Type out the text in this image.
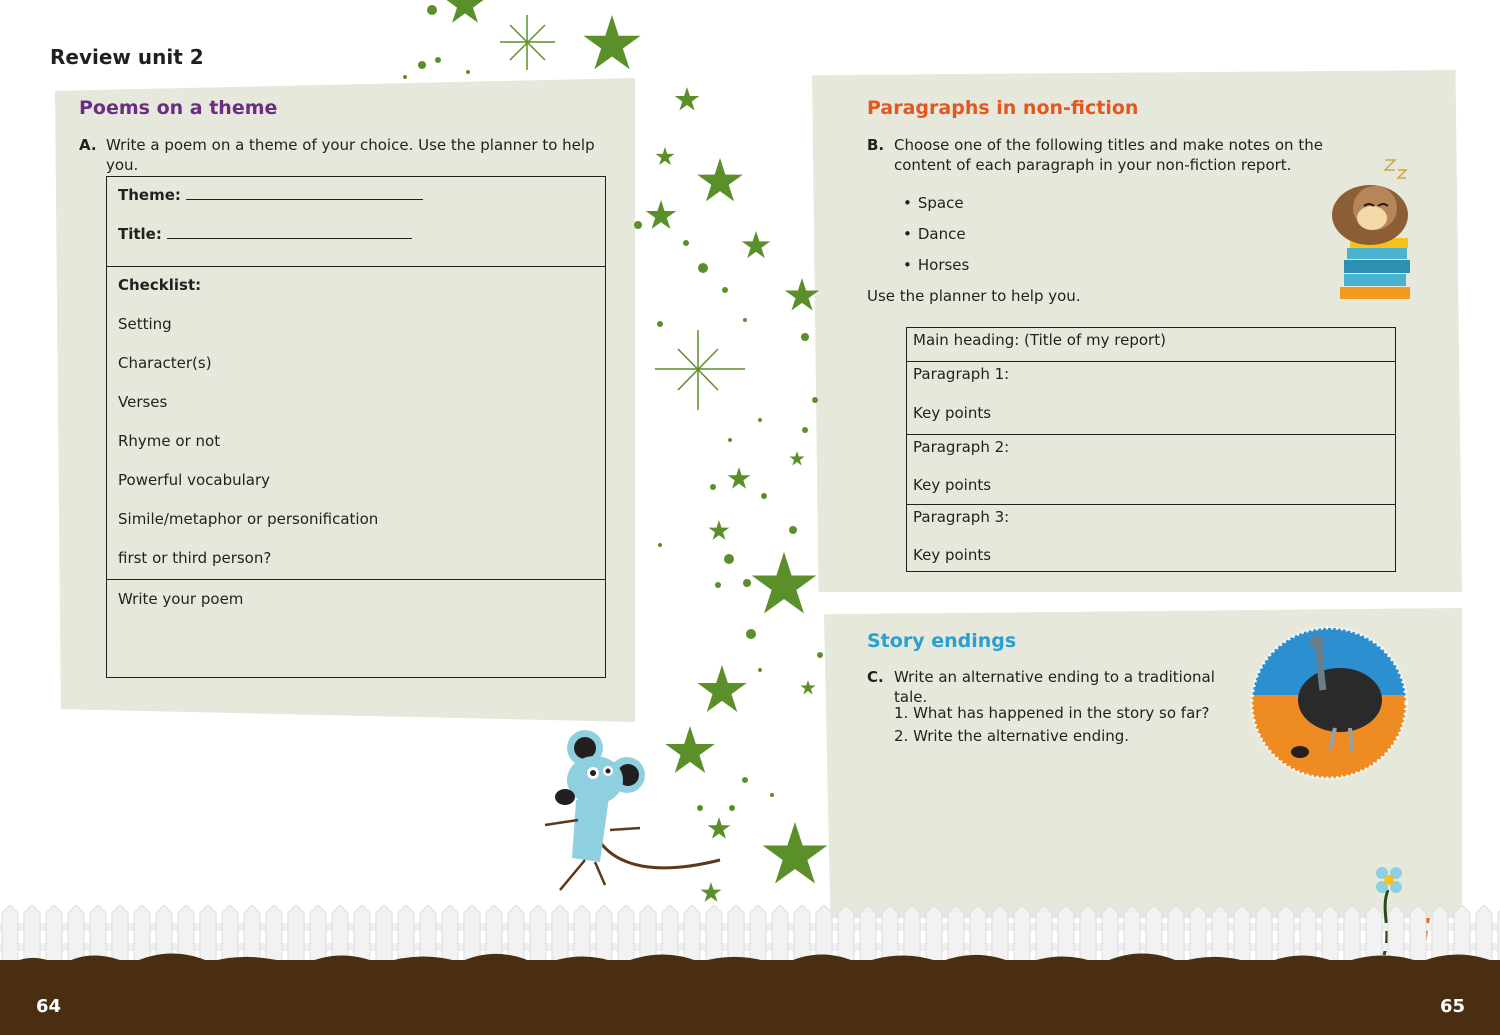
Review unit 2
Poems on a theme
A. Write a poem on a theme of your choice. Use the planner to help you.
Theme:
Title:
Checklist:
Setting
Character(s)
Verses
Rhyme or not
Powerful vocabulary
Simile/metaphor or personification
first or third person?
Write your poem
Paragraphs in non-fiction
B. Choose one of the following titles and make notes on the content of each paragraph in your non-fiction report.
• Space
• Dance
• Horses
Use the planner to help you.
Main heading: (Title of my report)
Paragraph 1:
Key points
Paragraph 2:
Key points
Paragraph 3:
Key points
Story endings
C. Write an alternative ending to a traditional tale.
1. What has happened in the story so far?
2. Write the alternative ending.
64	65
